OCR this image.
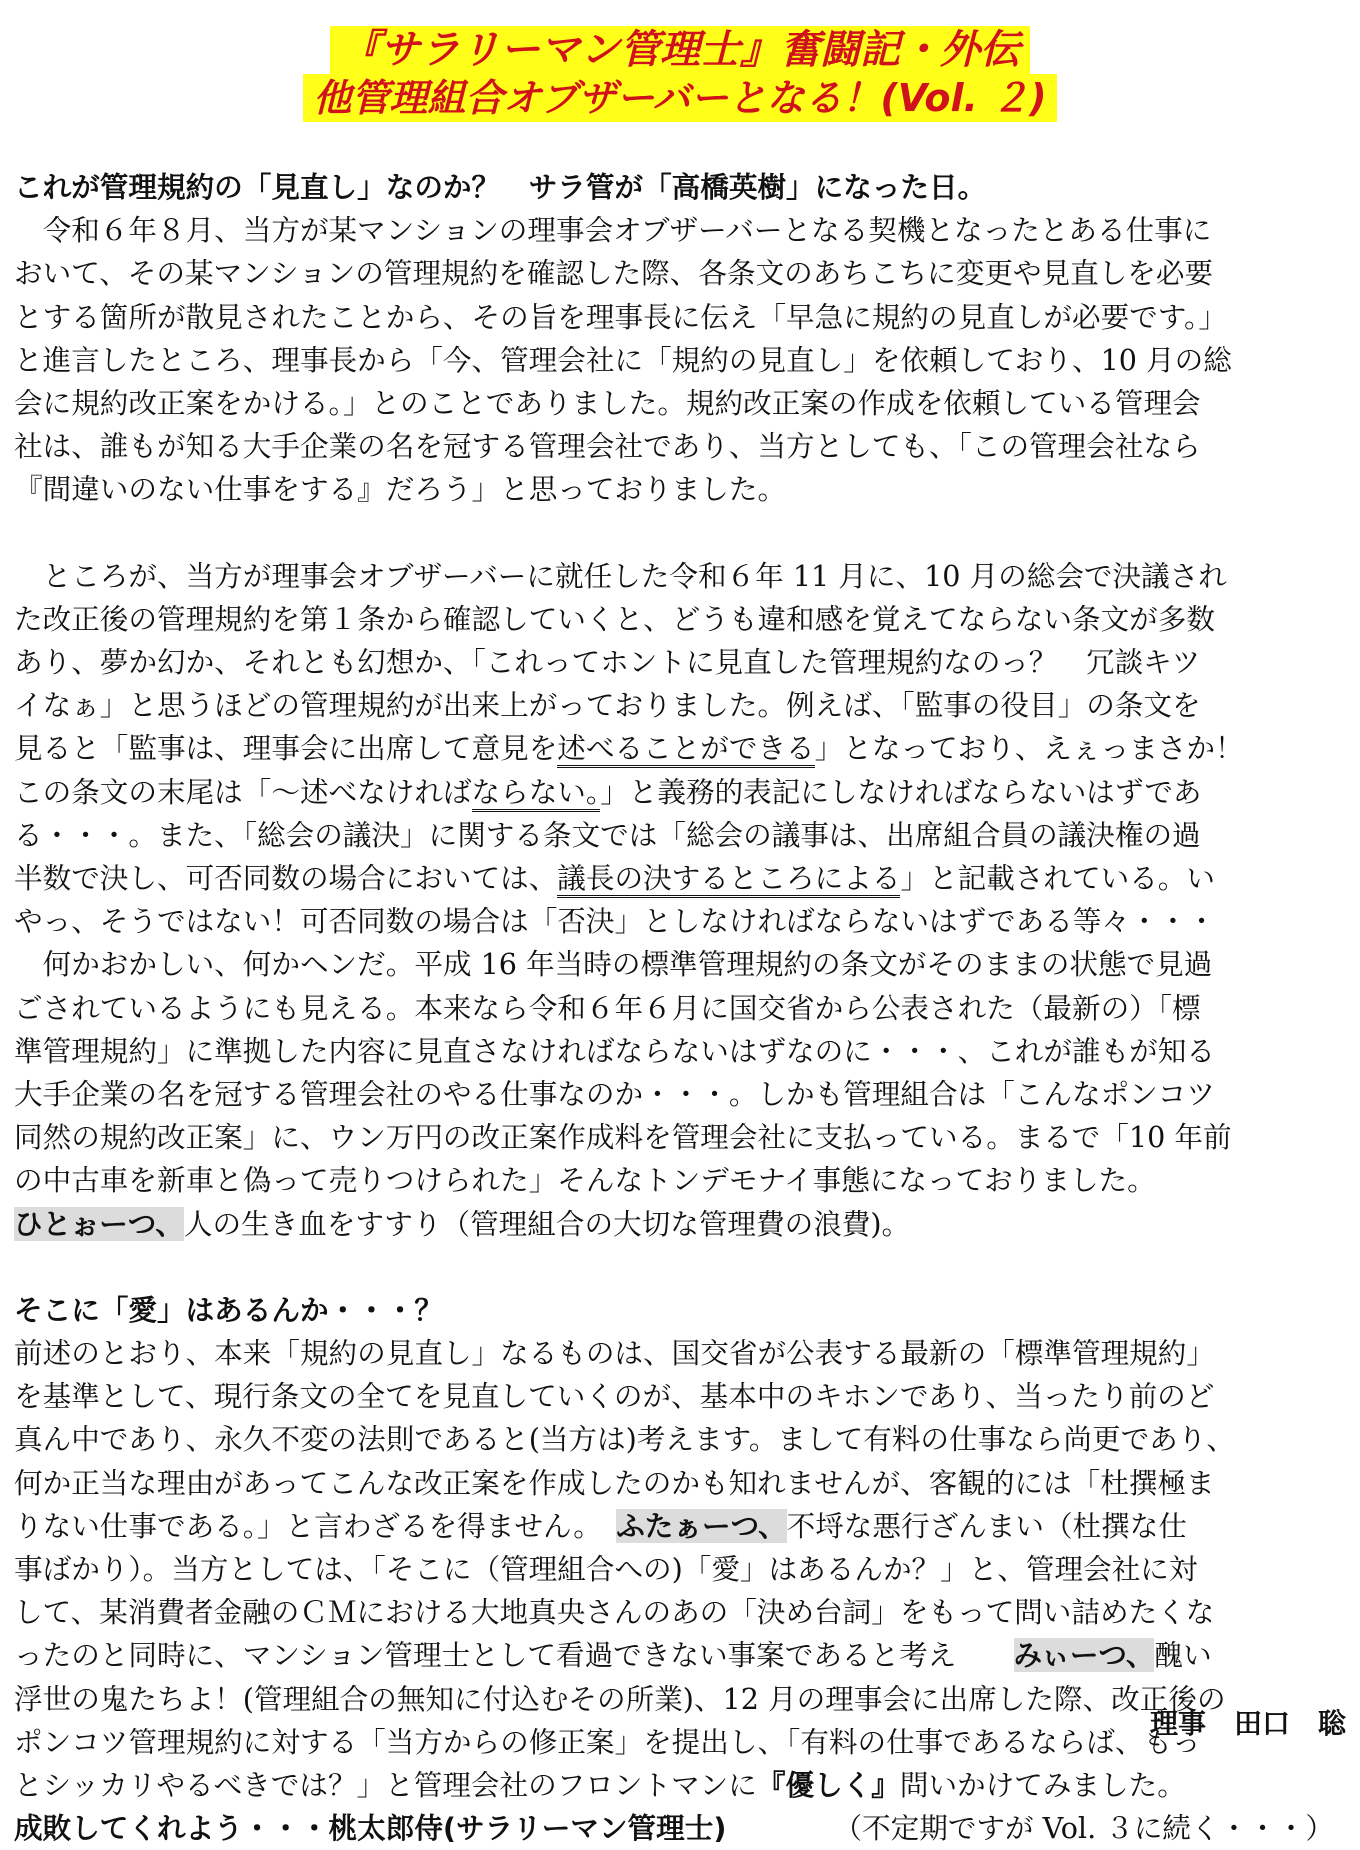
『サラリーマン管理士』奮闘記・外伝
他管理組合オブザーバーとなる！(Vol. ２)
これが管理規約の「見直し」なのか？　サラ管が「高橋英樹」になった日。
　令和６年８月、当方が某マンションの理事会オブザーバーとなる契機となったとある仕事に
おいて、その某マンションの管理規約を確認した際、各条文のあちこちに変更や見直しを必要
とする箇所が散見されたことから、その旨を理事長に伝え「早急に規約の見直しが必要です。」
と進言したところ、理事長から「今、管理会社に「規約の見直し」を依頼しており、10 月の総
会に規約改正案をかける。」とのことでありました。規約改正案の作成を依頼している管理会
社は、誰もが知る大手企業の名を冠する管理会社であり、当方としても、「この管理会社なら
『間違いのない仕事をする』だろう」と思っておりました。
　ところが、当方が理事会オブザーバーに就任した令和６年 11 月に、10 月の総会で決議され
た改正後の管理規約を第１条から確認していくと、どうも違和感を覚えてならない条文が多数
あり、夢か幻か、それとも幻想か、「これってホントに見直した管理規約なのっ？　冗談キツ
イなぁ」と思うほどの管理規約が出来上がっておりました。例えば、「監事の役目」の条文を
見ると「監事は、理事会に出席して意見を述べることができる」となっており、えぇっまさか！
この条文の末尾は「～述べなければならない。」と義務的表記にしなければならないはずであ
る・・・。また、「総会の議決」に関する条文では「総会の議事は、出席組合員の議決権の過
半数で決し、可否同数の場合においては、議長の決するところによる」と記載されている。い
やっ、そうではない！可否同数の場合は「否決」としなければならないはずである等々・・・
　何かおかしい、何かヘンだ。平成 16 年当時の標準管理規約の条文がそのままの状態で見過
ごされているようにも見える。本来なら令和６年６月に国交省から公表された（最新の）「標
準管理規約」に準拠した内容に見直さなければならないはずなのに・・・、これが誰もが知る
大手企業の名を冠する管理会社のやる仕事なのか・・・。しかも管理組合は「こんなポンコツ
同然の規約改正案」に、ウン万円の改正案作成料を管理会社に支払っている。まるで「10 年前
の中古車を新車と偽って売りつけられた」そんなトンデモナイ事態になっておりました。
ひとぉーつ、人の生き血をすすり（管理組合の大切な管理費の浪費)。
そこに「愛」はあるんか・・・？
前述のとおり、本来「規約の見直し」なるものは、国交省が公表する最新の「標準管理規約」
を基準として、現行条文の全てを見直していくのが、基本中のキホンであり、当ったり前のど
真ん中であり、永久不変の法則であると(当方は)考えます。まして有料の仕事なら尚更であり、
何か正当な理由があってこんな改正案を作成したのかも知れませんが、客観的には「杜撰極ま
りない仕事である。」と言わざるを得ません。　ふたぁーつ、不埒な悪行ざんまい（杜撰な仕
事ばかり）。当方としては、「そこに（管理組合への)「愛」はあるんか？」と、管理会社に対
して、某消費者金融のＣＭにおける大地真央さんのあの「決め台詞」をもって問い詰めたくな
ったのと同時に、マンション管理士として看過できない事案であると考え　　みぃーつ、醜い
浮世の鬼たちよ！(管理組合の無知に付込むその所業)、12 月の理事会に出席した際、改正後の
ポンコツ管理規約に対する「当方からの修正案」を提出し、「有料の仕事であるならば、もっ
とシッカリやるべきでは？」と管理会社のフロントマンに『優しく』問いかけてみました。
成敗してくれよう・・・桃太郎侍(サラリーマン管理士)	（不定期ですが Vol. ３に続く・・・）
理事　田口　聡
